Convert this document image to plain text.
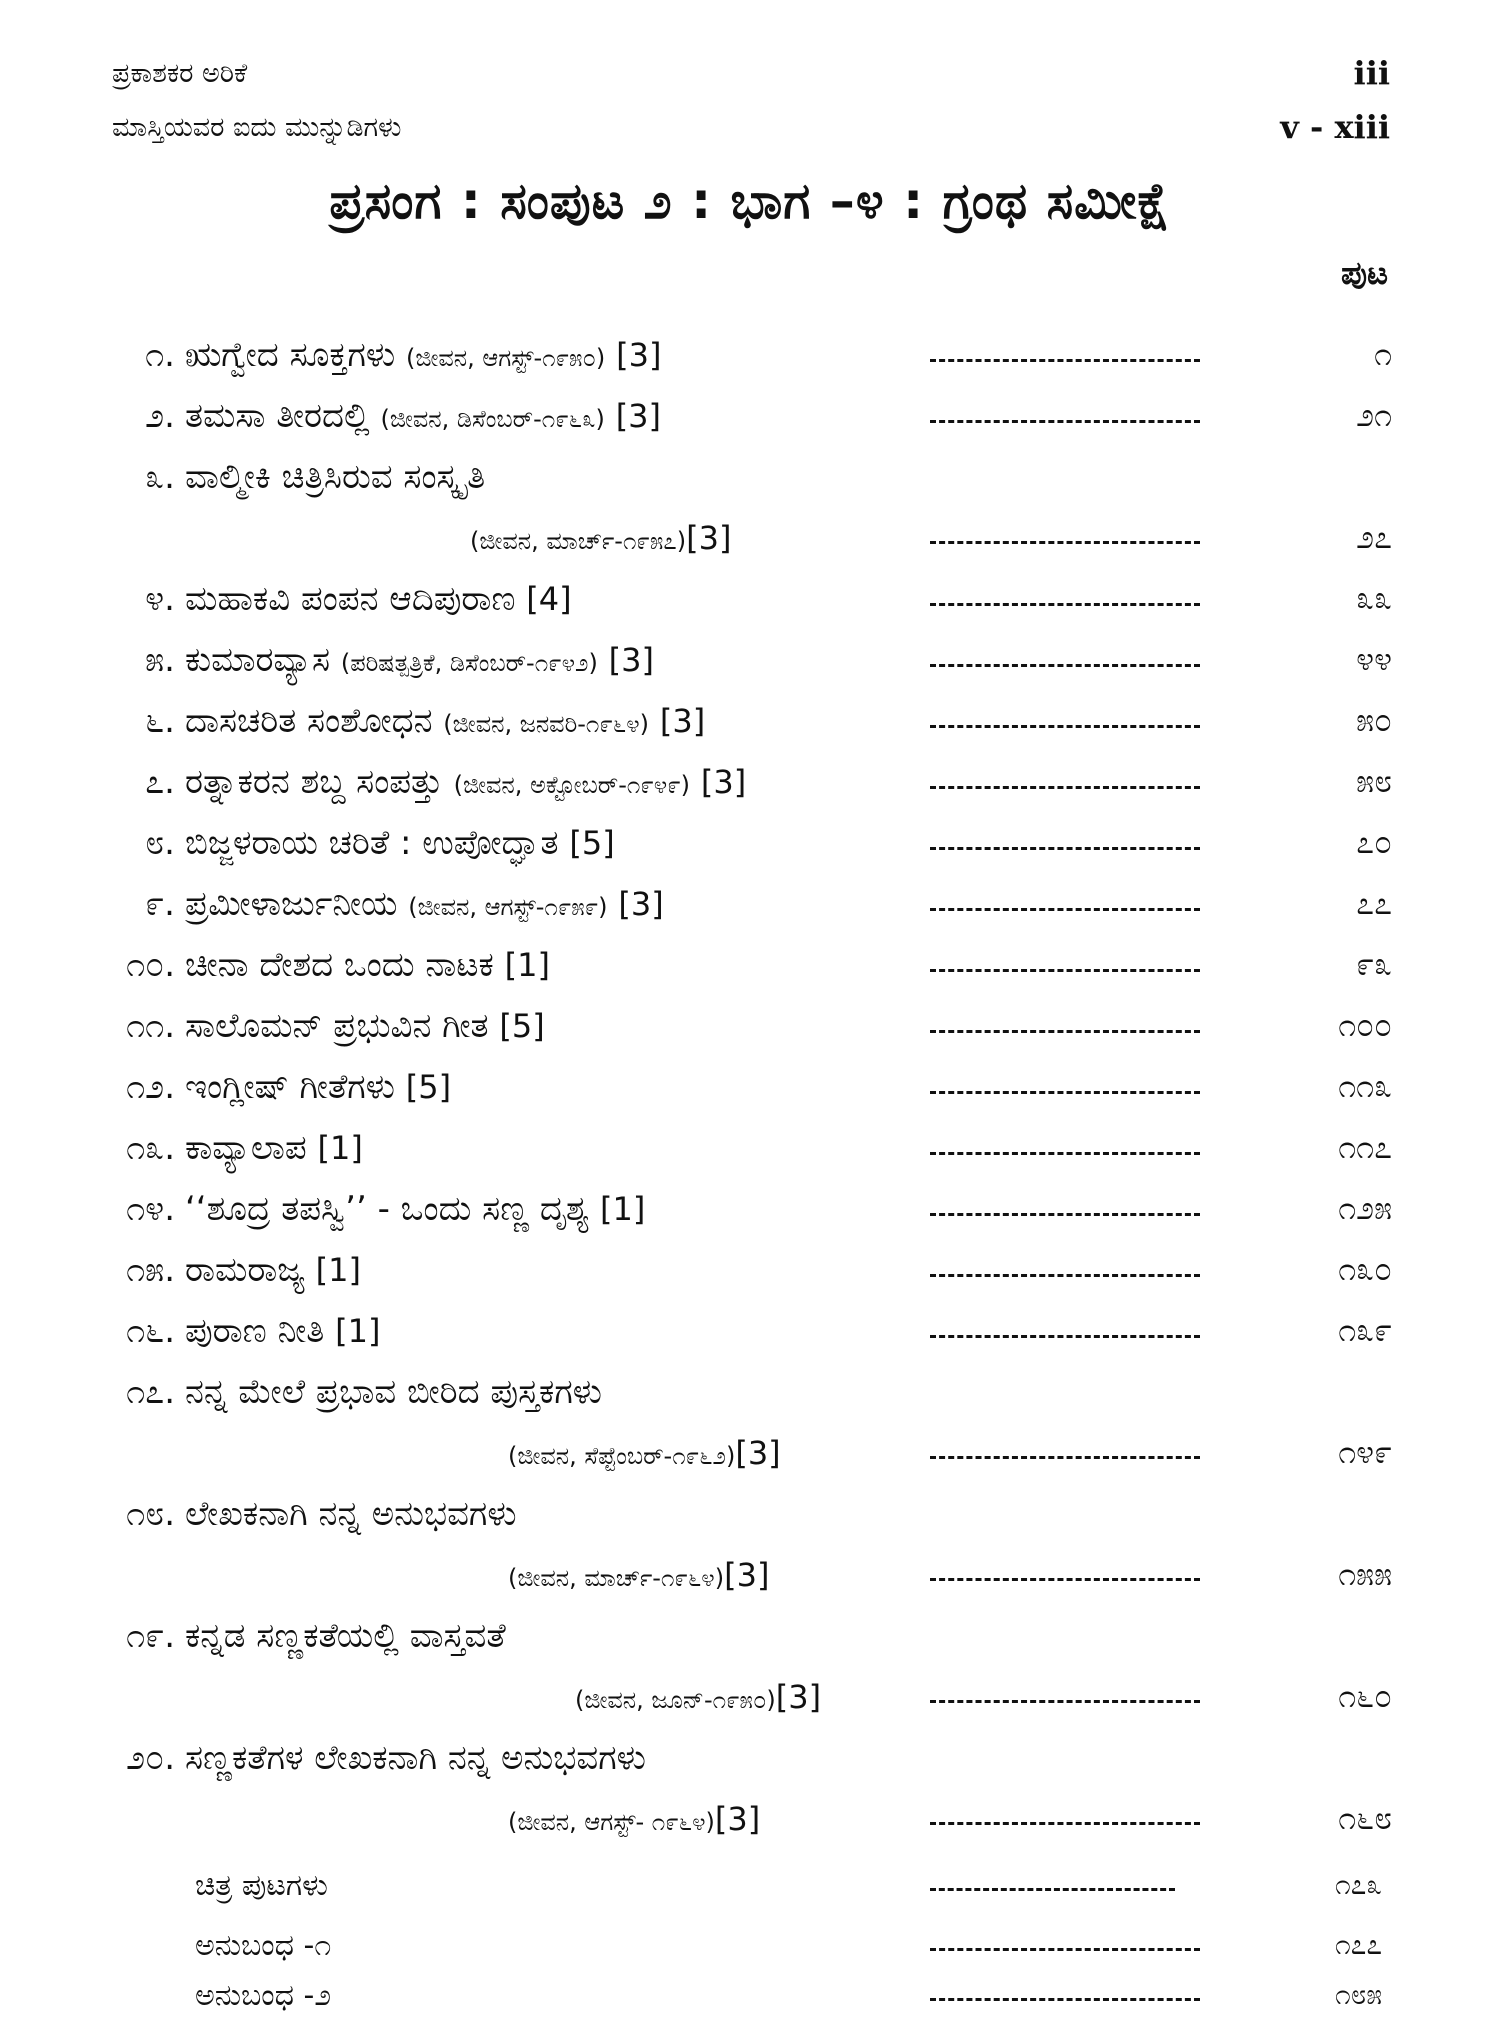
ಪ್ರಕಾಶಕರ ಅರಿಕೆ	iii
ಮಾಸ್ತಿಯವರ ಐದು ಮುನ್ನುಡಿಗಳು	v - xiii
ಪ್ರಸಂಗ : ಸಂಪುಟ ೨ : ಭಾಗ –೪ : ಗ್ರಂಥ ಸಮೀಕ್ಷೆ
ಪುಟ
೧. ಋಗ್ವೇದ ಸೂಕ್ತಗಳು (ಜೀವನ, ಆಗಸ್ಟ್-೧೯೫೦) [3]	೧
೨. ತಮಸಾ ತೀರದಲ್ಲಿ (ಜೀವನ, ಡಿಸೆಂಬರ್-೧೯೬೩) [3]	೨೧
೩. ವಾಲ್ಮೀಕಿ ಚಿತ್ರಿಸಿರುವ ಸಂಸ್ಕೃತಿ
(ಜೀವನ, ಮಾರ್ಚ್-೧೯೫೭)[3]	೨೭
೪. ಮಹಾಕವಿ ಪಂಪನ ಆದಿಪುರಾಣ [4]	೩೩
೫. ಕುಮಾರವ್ಯಾಸ (ಪರಿಷತ್ಪತ್ರಿಕೆ, ಡಿಸೆಂಬರ್-೧೯೪೨) [3]	೪೪
೬. ದಾಸಚರಿತ ಸಂಶೋಧನ (ಜೀವನ, ಜನವರಿ-೧೯೬೪) [3]	೫೦
೭. ರತ್ನಾಕರನ ಶಬ್ದ ಸಂಪತ್ತು (ಜೀವನ, ಅಕ್ಟೋಬರ್-೧೯೪೯) [3]	೫೮
೮. ಬಿಜ್ಜಳರಾಯ ಚರಿತೆ : ಉಪೋದ್ಘಾತ [5]	೭೦
೯. ಪ್ರಮೀಳಾರ್ಜುನೀಯ (ಜೀವನ, ಆಗಸ್ಟ್-೧೯೫೯) [3]	೭೭
೧೦. ಚೀನಾ ದೇಶದ ಒಂದು ನಾಟಕ [1]	೯೩
೧೧. ಸಾಲೊಮನ್ ಪ್ರಭುವಿನ ಗೀತ [5]	೧೦೦
೧೨. ಇಂಗ್ಲೀಷ್ ಗೀತೆಗಳು [5]	೧೧೩
೧೩. ಕಾವ್ಯಾಲಾಪ [1]	೧೧೭
೧೪. ‘‘ಶೂದ್ರ ತಪಸ್ವಿ’’ - ಒಂದು ಸಣ್ಣ ದೃಶ್ಯ [1]	೧೨೫
೧೫. ರಾಮರಾಜ್ಯ [1]	೧೩೦
೧೬. ಪುರಾಣ ನೀತಿ [1]	೧೩೯
೧೭. ನನ್ನ ಮೇಲೆ ಪ್ರಭಾವ ಬೀರಿದ ಪುಸ್ತಕಗಳು
(ಜೀವನ, ಸೆಪ್ಟೆಂಬರ್-೧೯೬೨)[3]	೧೪೯
೧೮. ಲೇಖಕನಾಗಿ ನನ್ನ ಅನುಭವಗಳು
(ಜೀವನ, ಮಾರ್ಚ್-೧೯೬೪)[3]	೧೫೫
೧೯. ಕನ್ನಡ ಸಣ್ಣಕತೆಯಲ್ಲಿ ವಾಸ್ತವತೆ
(ಜೀವನ, ಜೂನ್-೧೯೫೦)[3]	೧೬೦
೨೦. ಸಣ್ಣಕತೆಗಳ ಲೇಖಕನಾಗಿ ನನ್ನ ಅನುಭವಗಳು
(ಜೀವನ, ಆಗಸ್ಟ್- ೧೯೬೪)[3]	೧೬೮
ಚಿತ್ರ ಪುಟಗಳು	೧೭೩
ಅನುಬಂಧ -೧	೧೭೭
ಅನುಬಂಧ -೨	೧೮೫
